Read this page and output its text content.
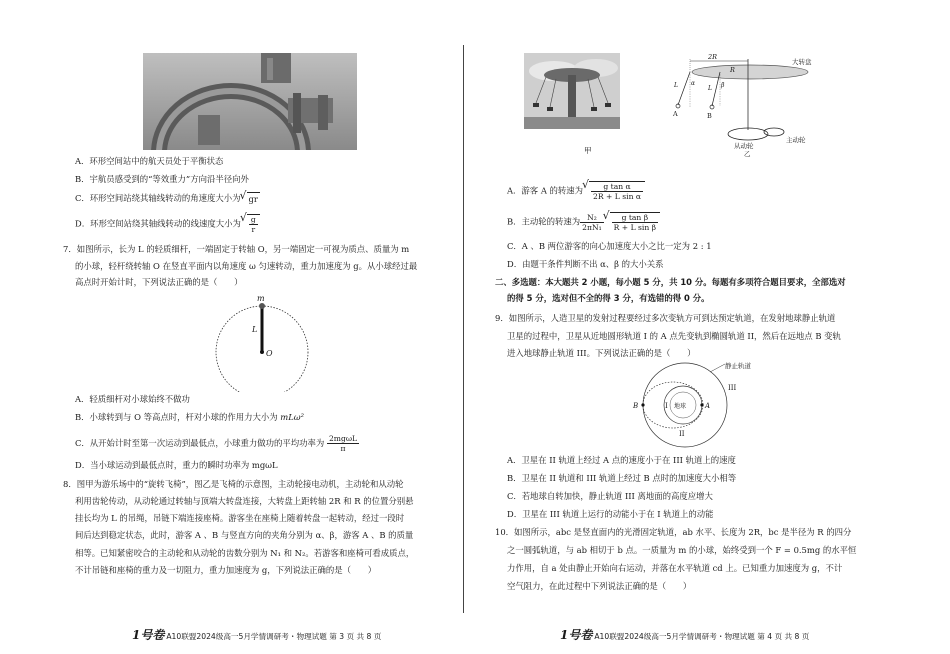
A．环形空间站中的航天员处于平衡状态
B．宇航员感受到的“等效重力”方向沿半径向外
C．环形空间站绕其轴线转动的角速度大小为 √ gr
D．环形空间站绕其轴线转动的线速度大小为 √ $\frac{g}{r}$
7．如图所示，长为 L 的轻质细杆，一端固定于转轴 O，另一端固定一可视为质点、质量为 m
的小球，轻杆绕转轴 O 在竖直平面内以角速度 ω 匀速转动，重力加速度为 g。从小球经过最
高点时开始计时，下列说法正确的是（　　）
m
L
O
A．轻质细杆对小球始终不做功
B．小球转到与 O 等高点时，杆对小球的作用力大小为 mLω²
C．从开始计时至第一次运动到最低点，小球重力做功的平均功率为 $\frac{\text{2mgωL}}{\pi}$
D．当小球运动到最低点时，重力的瞬时功率为 mgωL
8．图甲为游乐场中的“旋转飞椅”，图乙是飞椅的示意图，主动轮接电动机，主动轮和从动轮
利用齿轮传动，从动轮通过转轴与顶端大转盘连接，大转盘上距转轴 2R 和 R 的位置分别悬
挂长均为 L 的吊绳，吊链下端连接座椅。游客坐在座椅上随着转盘一起转动，经过一段时
间后达到稳定状态，此时，游客 A 、B 与竖直方向的夹角分别为 α、β，游客 A 、B 的质量
相等。已知紧密咬合的主动轮和从动轮的齿数分别为 N₁ 和 N₂。若游客和座椅可看成质点，
不计吊链和座椅的重力及一切阻力，重力加速度为 g，下列说法正确的是（　　）
1号卷 A10联盟2024级高一5月学情调研考・物理试题 第 3 页 共 8 页
甲
2R
R
大转盘
α	β
L	L
A	B
从动轮
主动轮
乙
A．游客 A 的转速为 √ $\frac{\text{g tan α}}{\text{2R + L sin α}}$
B．主动轮的转速为 $\frac{\text{N₂}}{\text{2πN₁}}$ √ $\frac{\text{g tan β}}{\text{R + L sin β}}$
C．A 、B 两位游客的向心加速度大小之比一定为 2 : 1
D．由题干条件判断不出 α、β 的大小关系
二、多选题：本大题共 2 小题，每小题 5 分，共 10 分。每题有多项符合题目要求，全部选对
的得 5 分，选对但不全的得 3 分，有选错的得 0 分。
9．如图所示，人造卫星的发射过程要经过多次变轨方可到达预定轨道，在发射地球静止轨道
卫星的过程中，卫星从近地圆形轨道 I 的 A 点先变轨到椭圆轨道 II，然后在远地点 B 变轨
进入地球静止轨道 III。下列说法正确的是（　　）
静止轨道
III
I 地球	A
B
II
A．卫星在 II 轨道上经过 A 点的速度小于在 III 轨道上的速度
B．卫星在 II 轨道和 III 轨道上经过 B 点时的加速度大小相等
C．若地球自转加快，静止轨道 III 离地面的高度应增大
D．卫星在 III 轨道上运行的动能小于在 I 轨道上的动能
10．如图所示，abc 是竖直面内的光滑固定轨道，ab 水平、长度为 2R，bc 是半径为 R 的四分
之一圆弧轨道，与 ab 相切于 b 点。一质量为 m 的小球，始终受到一个 F = 0.5mg 的水平恒
力作用，自 a 处由静止开始向右运动，并落在水平轨道 cd 上。已知重力加速度为 g，不计
空气阻力，在此过程中下列说法正确的是（　　）
1号卷 A10联盟2024级高一5月学情调研考・物理试题 第 4 页 共 8 页
